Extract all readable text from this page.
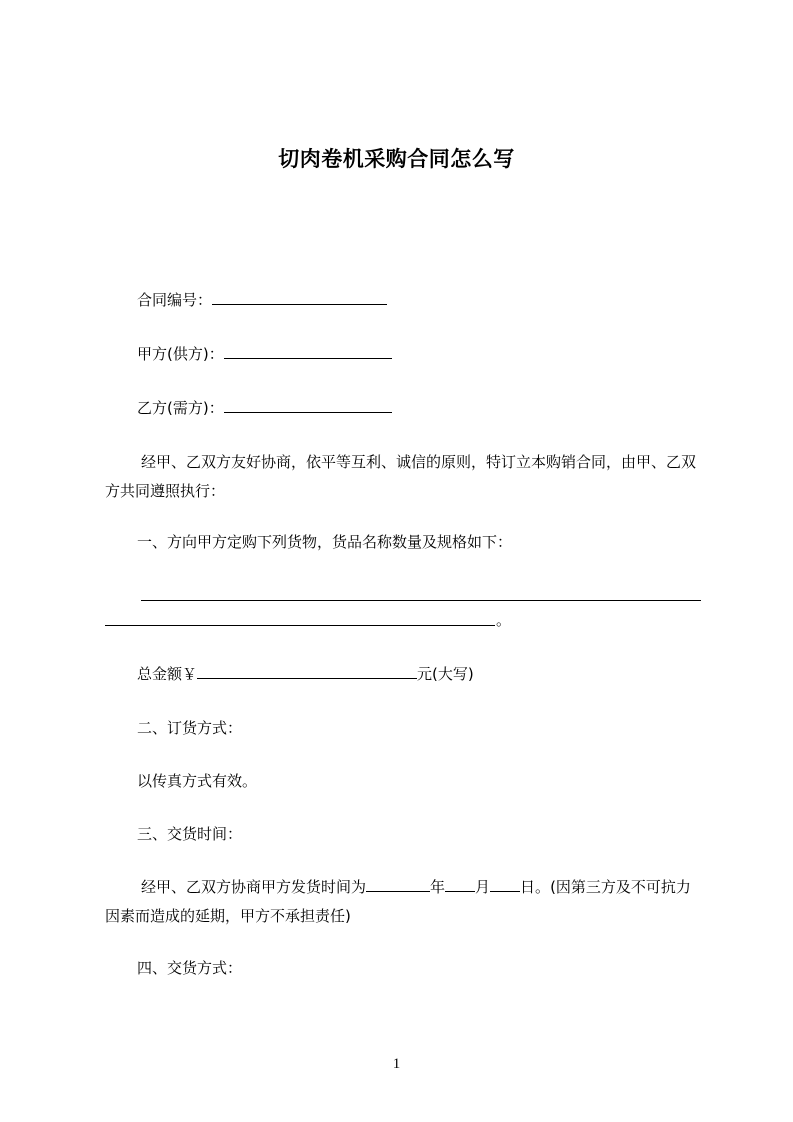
切肉卷机采购合同怎么写
合同编号：
甲方(供方)：
乙方(需方)：
经甲、乙双方友好协商，依平等互利、诚信的原则，特订立本购销合同，由甲、乙双方共同遵照执行：
一、方向甲方定购下列货物，货品名称数量及规格如下：
。
总金额￥	元(大写)
二、订货方式：
以传真方式有效。
三、交货时间：
经甲、乙双方协商甲方发货时间为	年 月 日。(因第三方及不可抗力因素而造成的延期，甲方不承担责任)
四、交货方式：
1
